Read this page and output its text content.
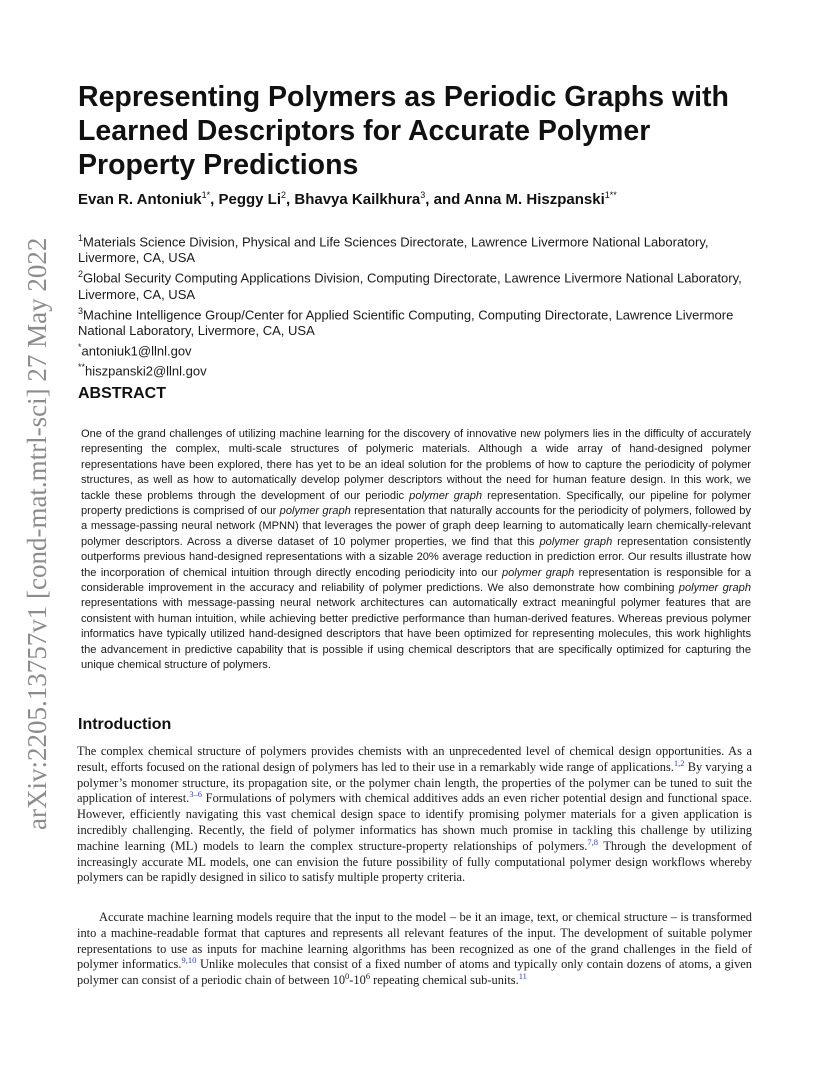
arXiv:2205.13757v1 [cond-mat.mtrl-sci] 27 May 2022
Representing Polymers as Periodic Graphs with Learned Descriptors for Accurate Polymer Property Predictions
Evan R. Antoniuk$^{1*}$, Peggy Li$^2$, Bhavya Kailkhura$^3$, and Anna M. Hiszpanski$^{1**}$

$^1$Materials Science Division, Physical and Life Sciences Directorate, Lawrence Livermore National Laboratory, Livermore, CA, USA

$^2$Global Security Computing Applications Division, Computing Directorate, Lawrence Livermore National Laboratory, Livermore, CA, USA

$^3$Machine Intelligence Group/Center for Applied Scientific Computing, Computing Directorate, Lawrence Livermore National Laboratory, Livermore, CA, USA

*antoniuk1@llnl.gov

**hiszpanski2@llnl.gov

ABSTRACT

One of the grand challenges of utilizing machine learning for the discovery of innovative new polymers lies in the difficulty of accurately representing the complex, multi-scale structures of polymeric materials. Although a wide array of hand-designed polymer representations have been explored, there has yet to be an ideal solution for the problems of how to capture the periodicity of polymer structures, as well as how to automatically develop polymer descriptors without the need for human feature design. In this work, we tackle these problems through the development of our periodic polymer graph representation. Specifically, our pipeline for polymer property predictions is comprised of our polymer graph representation that naturally accounts for the periodicity of polymers, followed by a message-passing neural network (MPNN) that leverages the power of graph deep learning to automatically learn chemically-relevant polymer descriptors. Across a diverse dataset of 10 polymer properties, we find that this polymer graph representation consistently outperforms previous hand-designed representations with a sizable 20% average reduction in prediction error. Our results illustrate how the incorporation of chemical intuition through directly encoding periodicity into our polymer graph representation is responsible for a considerable improvement in the accuracy and reliability of polymer predictions. We also demonstrate how combining polymer graph representations with message-passing neural network architectures can automatically extract meaningful polymer features that are consistent with human intuition, while achieving better predictive performance than human-derived features. Whereas previous polymer informatics have typically utilized hand-designed descriptors that have been optimized for representing molecules, this work highlights the advancement in predictive capability that is possible if using chemical descriptors that are specifically optimized for capturing the unique chemical structure of polymers.

Introduction

The complex chemical structure of polymers provides chemists with an unprecedented level of chemical design opportunities. As a result, efforts focused on the rational design of polymers has led to their use in a remarkably wide range of applications.$^{1,2}$ By varying a polymer’s monomer structure, its propagation site, or the polymer chain length, the properties of the polymer can be tuned to suit the application of interest.$^{3-6}$ Formulations of polymers with chemical additives adds an even richer potential design and functional space. However, efficiently navigating this vast chemical design space to identify promising polymer materials for a given application is incredibly challenging. Recently, the field of polymer informatics has shown much promise in tackling this challenge by utilizing machine learning (ML) models to learn the complex structure-property relationships of polymers.$^{7,8}$ Through the development of increasingly accurate ML models, one can envision the future possibility of fully computational polymer design workflows whereby polymers can be rapidly designed in silico to satisfy multiple property criteria.

Accurate machine learning models require that the input to the model – be it an image, text, or chemical structure – is transformed into a machine-readable format that captures and represents all relevant features of the input. The development of suitable polymer representations to use as inputs for machine learning algorithms has been recognized as one of the grand challenges in the field of polymer informatics.$^{9,10}$ Unlike molecules that consist of a fixed number of atoms and typically only contain dozens of atoms, a given polymer can consist of a periodic chain of between $10^0-10^6$ repeating chemical sub-units.$^{11}$
